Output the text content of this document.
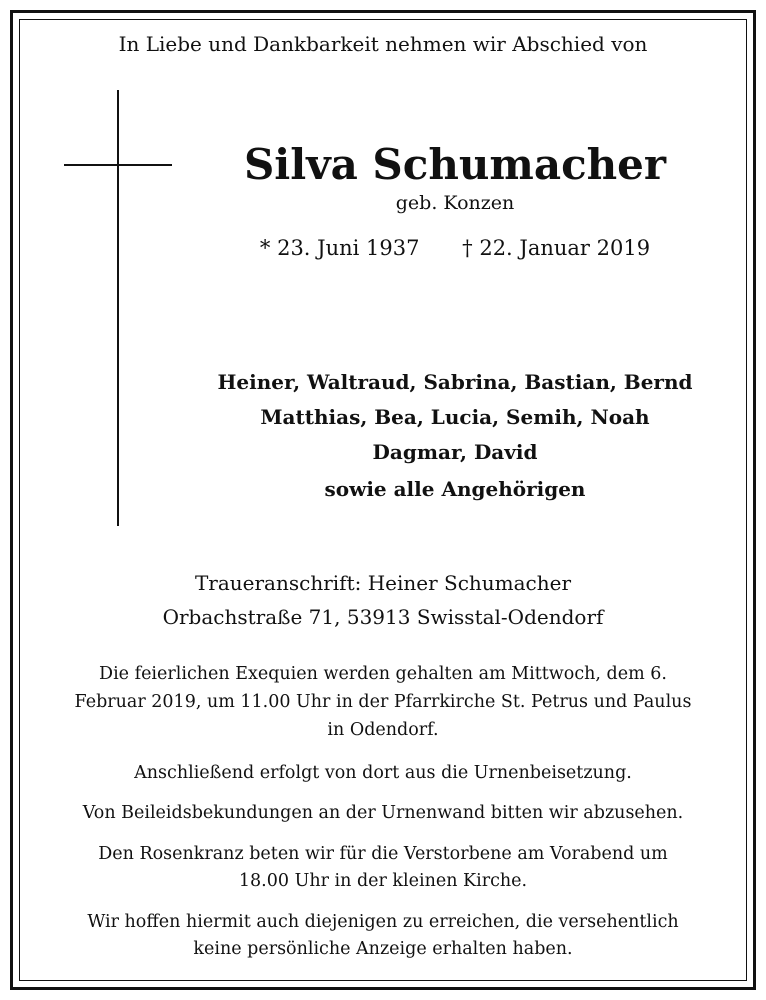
In Liebe und Dankbarkeit nehmen wir Abschied von
Silva Schumacher
geb. Konzen
* 23. Juni 1937 † 22. Januar 2019
Heiner, Waltraud, Sabrina, Bastian, Bernd
Matthias, Bea, Lucia, Semih, Noah
Dagmar, David
sowie alle Angehörigen
Traueranschrift: Heiner Schumacher
Orbachstraße 71, 53913 Swisstal-Odendorf
Die feierlichen Exequien werden gehalten am Mittwoch, dem 6.
Februar 2019, um 11.00 Uhr in der Pfarrkirche St. Petrus und Paulus
in Odendorf.
Anschließend erfolgt von dort aus die Urnenbeisetzung.
Von Beileidsbekundungen an der Urnenwand bitten wir abzusehen.
Den Rosenkranz beten wir für die Verstorbene am Vorabend um
18.00 Uhr in der kleinen Kirche.
Wir hoffen hiermit auch diejenigen zu erreichen, die versehentlich
keine persönliche Anzeige erhalten haben.
